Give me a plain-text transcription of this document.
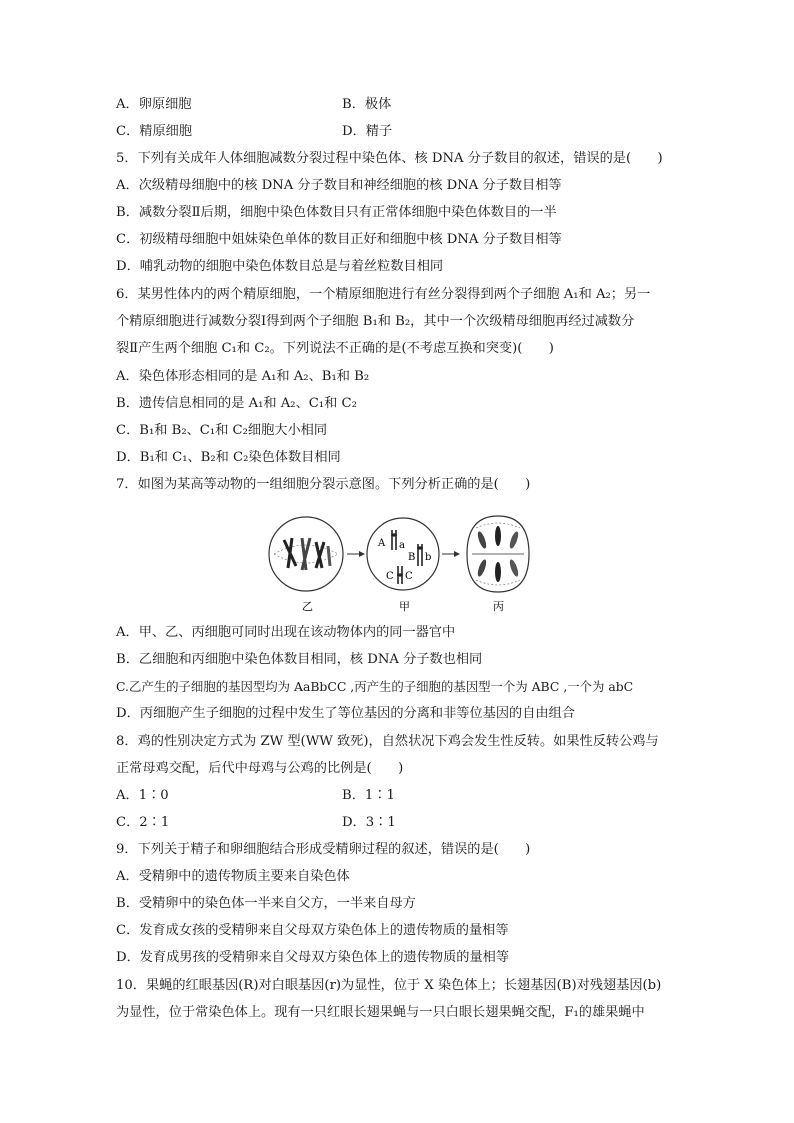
A．卵原细胞	B．极体
C．精原细胞	D．精子
5．下列有关成年人体细胞减数分裂过程中染色体、核 DNA 分子数目的叙述，错误的是(　　)
A．次级精母细胞中的核 DNA 分子数目和神经细胞的核 DNA 分子数目相等
B．减数分裂Ⅱ后期，细胞中染色体数目只有正常体细胞中染色体数目的一半
C．初级精母细胞中姐妹染色单体的数目正好和细胞中核 DNA 分子数目相等
D．哺乳动物的细胞中染色体数目总是与着丝粒数目相同
6．某男性体内的两个精原细胞，一个精原细胞进行有丝分裂得到两个子细胞 A₁和 A₂；另一
个精原细胞进行减数分裂Ⅰ得到两个子细胞 B₁和 B₂，其中一个次级精母细胞再经过减数分
裂Ⅱ产生两个细胞 C₁和 C₂。下列说法不正确的是(不考虑互换和突变)(　　)
A．染色体形态相同的是 A₁和 A₂、B₁和 B₂
B．遗传信息相同的是 A₁和 A₂、C₁和 C₂
C．B₁和 B₂、C₁和 C₂细胞大小相同
D．B₁和 C₁、B₂和 C₂染色体数目相同
7．如图为某高等动物的一组细胞分裂示意图。下列分析正确的是(　　)
A a
B b
C C
乙	甲	丙
A．甲、乙、丙细胞可同时出现在该动物体内的同一器官中
B．乙细胞和丙细胞中染色体数目相同，核 DNA 分子数也相同
C.乙产生的子细胞的基因型均为 AaBbCC ,丙产生的子细胞的基因型一个为 ABC ,一个为 abC
D．丙细胞产生子细胞的过程中发生了等位基因的分离和非等位基因的自由组合
8．鸡的性别决定方式为 ZW 型(WW 致死)，自然状况下鸡会发生性反转。如果性反转公鸡与
正常母鸡交配，后代中母鸡与公鸡的比例是(　　)
A．1∶0	B．1∶1
C．2∶1	D．3∶1
9．下列关于精子和卵细胞结合形成受精卵过程的叙述，错误的是(　　)
A．受精卵中的遗传物质主要来自染色体
B．受精卵中的染色体一半来自父方，一半来自母方
C．发育成女孩的受精卵来自父母双方染色体上的遗传物质的量相等
D．发育成男孩的受精卵来自父母双方染色体上的遗传物质的量相等
10．果蝇的红眼基因(R)对白眼基因(r)为显性，位于 X 染色体上；长翅基因(B)对残翅基因(b)
为显性，位于常染色体上。现有一只红眼长翅果蝇与一只白眼长翅果蝇交配，F₁的雄果蝇中
